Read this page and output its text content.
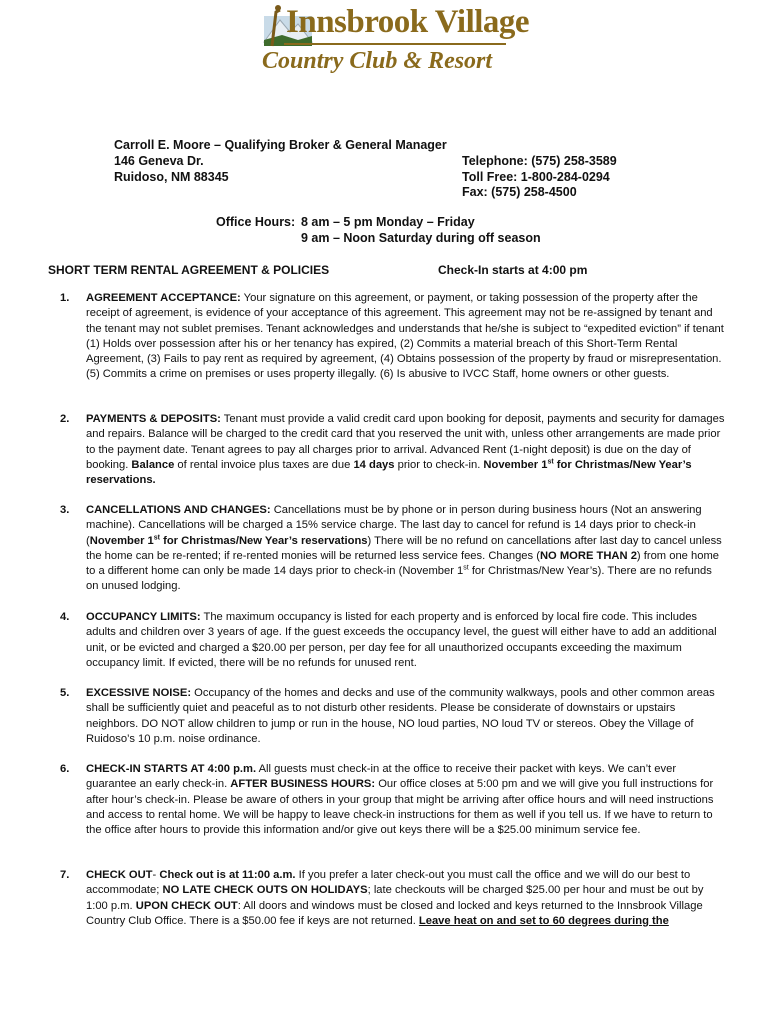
Innsbrook Village
Country Club & Resort
Carroll E. Moore – Qualifying Broker & General Manager
146 Geneva Dr.
Ruidoso, NM 88345
Telephone: (575) 258-3589
Toll Free: 1-800-284-0294
Fax: (575) 258-4500
Office Hours: 8 am – 5 pm Monday – Friday
9 am – Noon Saturday during off season
SHORT TERM RENTAL AGREEMENT & POLICIES	Check-In starts at 4:00 pm
1. AGREEMENT ACCEPTANCE: Your signature on this agreement, or payment, or taking possession of the property after the receipt of agreement, is evidence of your acceptance of this agreement. This agreement may not be re-assigned by tenant and the tenant may not sublet premises. Tenant acknowledges and understands that he/she is subject to “expedited eviction” if tenant (1) Holds over possession after his or her tenancy has expired, (2) Commits a material breach of this Short-Term Rental Agreement, (3) Fails to pay rent as required by agreement, (4) Obtains possession of the property by fraud or misrepresentation. (5) Commits a crime on premises or uses property illegally. (6) Is abusive to IVCC Staff, home owners or other guests.
2. PAYMENTS & DEPOSITS: Tenant must provide a valid credit card upon booking for deposit, payments and security for damages and repairs. Balance will be charged to the credit card that you reserved the unit with, unless other arrangements are made prior to the payment date. Tenant agrees to pay all charges prior to arrival. Advanced Rent (1-night deposit) is due on the day of booking. Balance of rental invoice plus taxes are due 14 days prior to check-in. November 1st for Christmas/New Year’s reservations.
3. CANCELLATIONS AND CHANGES: Cancellations must be by phone or in person during business hours (Not an answering machine). Cancellations will be charged a 15% service charge. The last day to cancel for refund is 14 days prior to check-in (November 1st for Christmas/New Year’s reservations) There will be no refund on cancellations after last day to cancel unless the home can be re-rented; if re-rented monies will be returned less service fees. Changes (NO MORE THAN 2) from one home to a different home can only be made 14 days prior to check-in (November 1st for Christmas/New Year’s). There are no refunds on unused lodging.
4. OCCUPANCY LIMITS: The maximum occupancy is listed for each property and is enforced by local fire code. This includes adults and children over 3 years of age. If the guest exceeds the occupancy level, the guest will either have to add an additional unit, or be evicted and charged a $20.00 per person, per day fee for all unauthorized occupants exceeding the maximum occupancy limit. If evicted, there will be no refunds for unused rent.
5. EXCESSIVE NOISE: Occupancy of the homes and decks and use of the community walkways, pools and other common areas shall be sufficiently quiet and peaceful as to not disturb other residents. Please be considerate of downstairs or upstairs neighbors. DO NOT allow children to jump or run in the house, NO loud parties, NO loud TV or stereos. Obey the Village of Ruidoso’s 10 p.m. noise ordinance.
6. CHECK-IN STARTS AT 4:00 p.m. All guests must check-in at the office to receive their packet with keys. We can’t ever guarantee an early check-in. AFTER BUSINESS HOURS: Our office closes at 5:00 pm and we will give you full instructions for after hour’s check-in. Please be aware of others in your group that might be arriving after office hours and will need instructions and access to rental home. We will be happy to leave check-in instructions for them as well if you tell us. If we have to return to the office after hours to provide this information and/or give out keys there will be a $25.00 minimum service fee.
7. CHECK OUT- Check out is at 11:00 a.m. If you prefer a later check-out you must call the office and we will do our best to accommodate; NO LATE CHECK OUTS ON HOLIDAYS; late checkouts will be charged $25.00 per hour and must be out by 1:00 p.m. UPON CHECK OUT: All doors and windows must be closed and locked and keys returned to the Innsbrook Village Country Club Office. There is a $50.00 fee if keys are not returned. Leave heat on and set to 60 degrees during the
